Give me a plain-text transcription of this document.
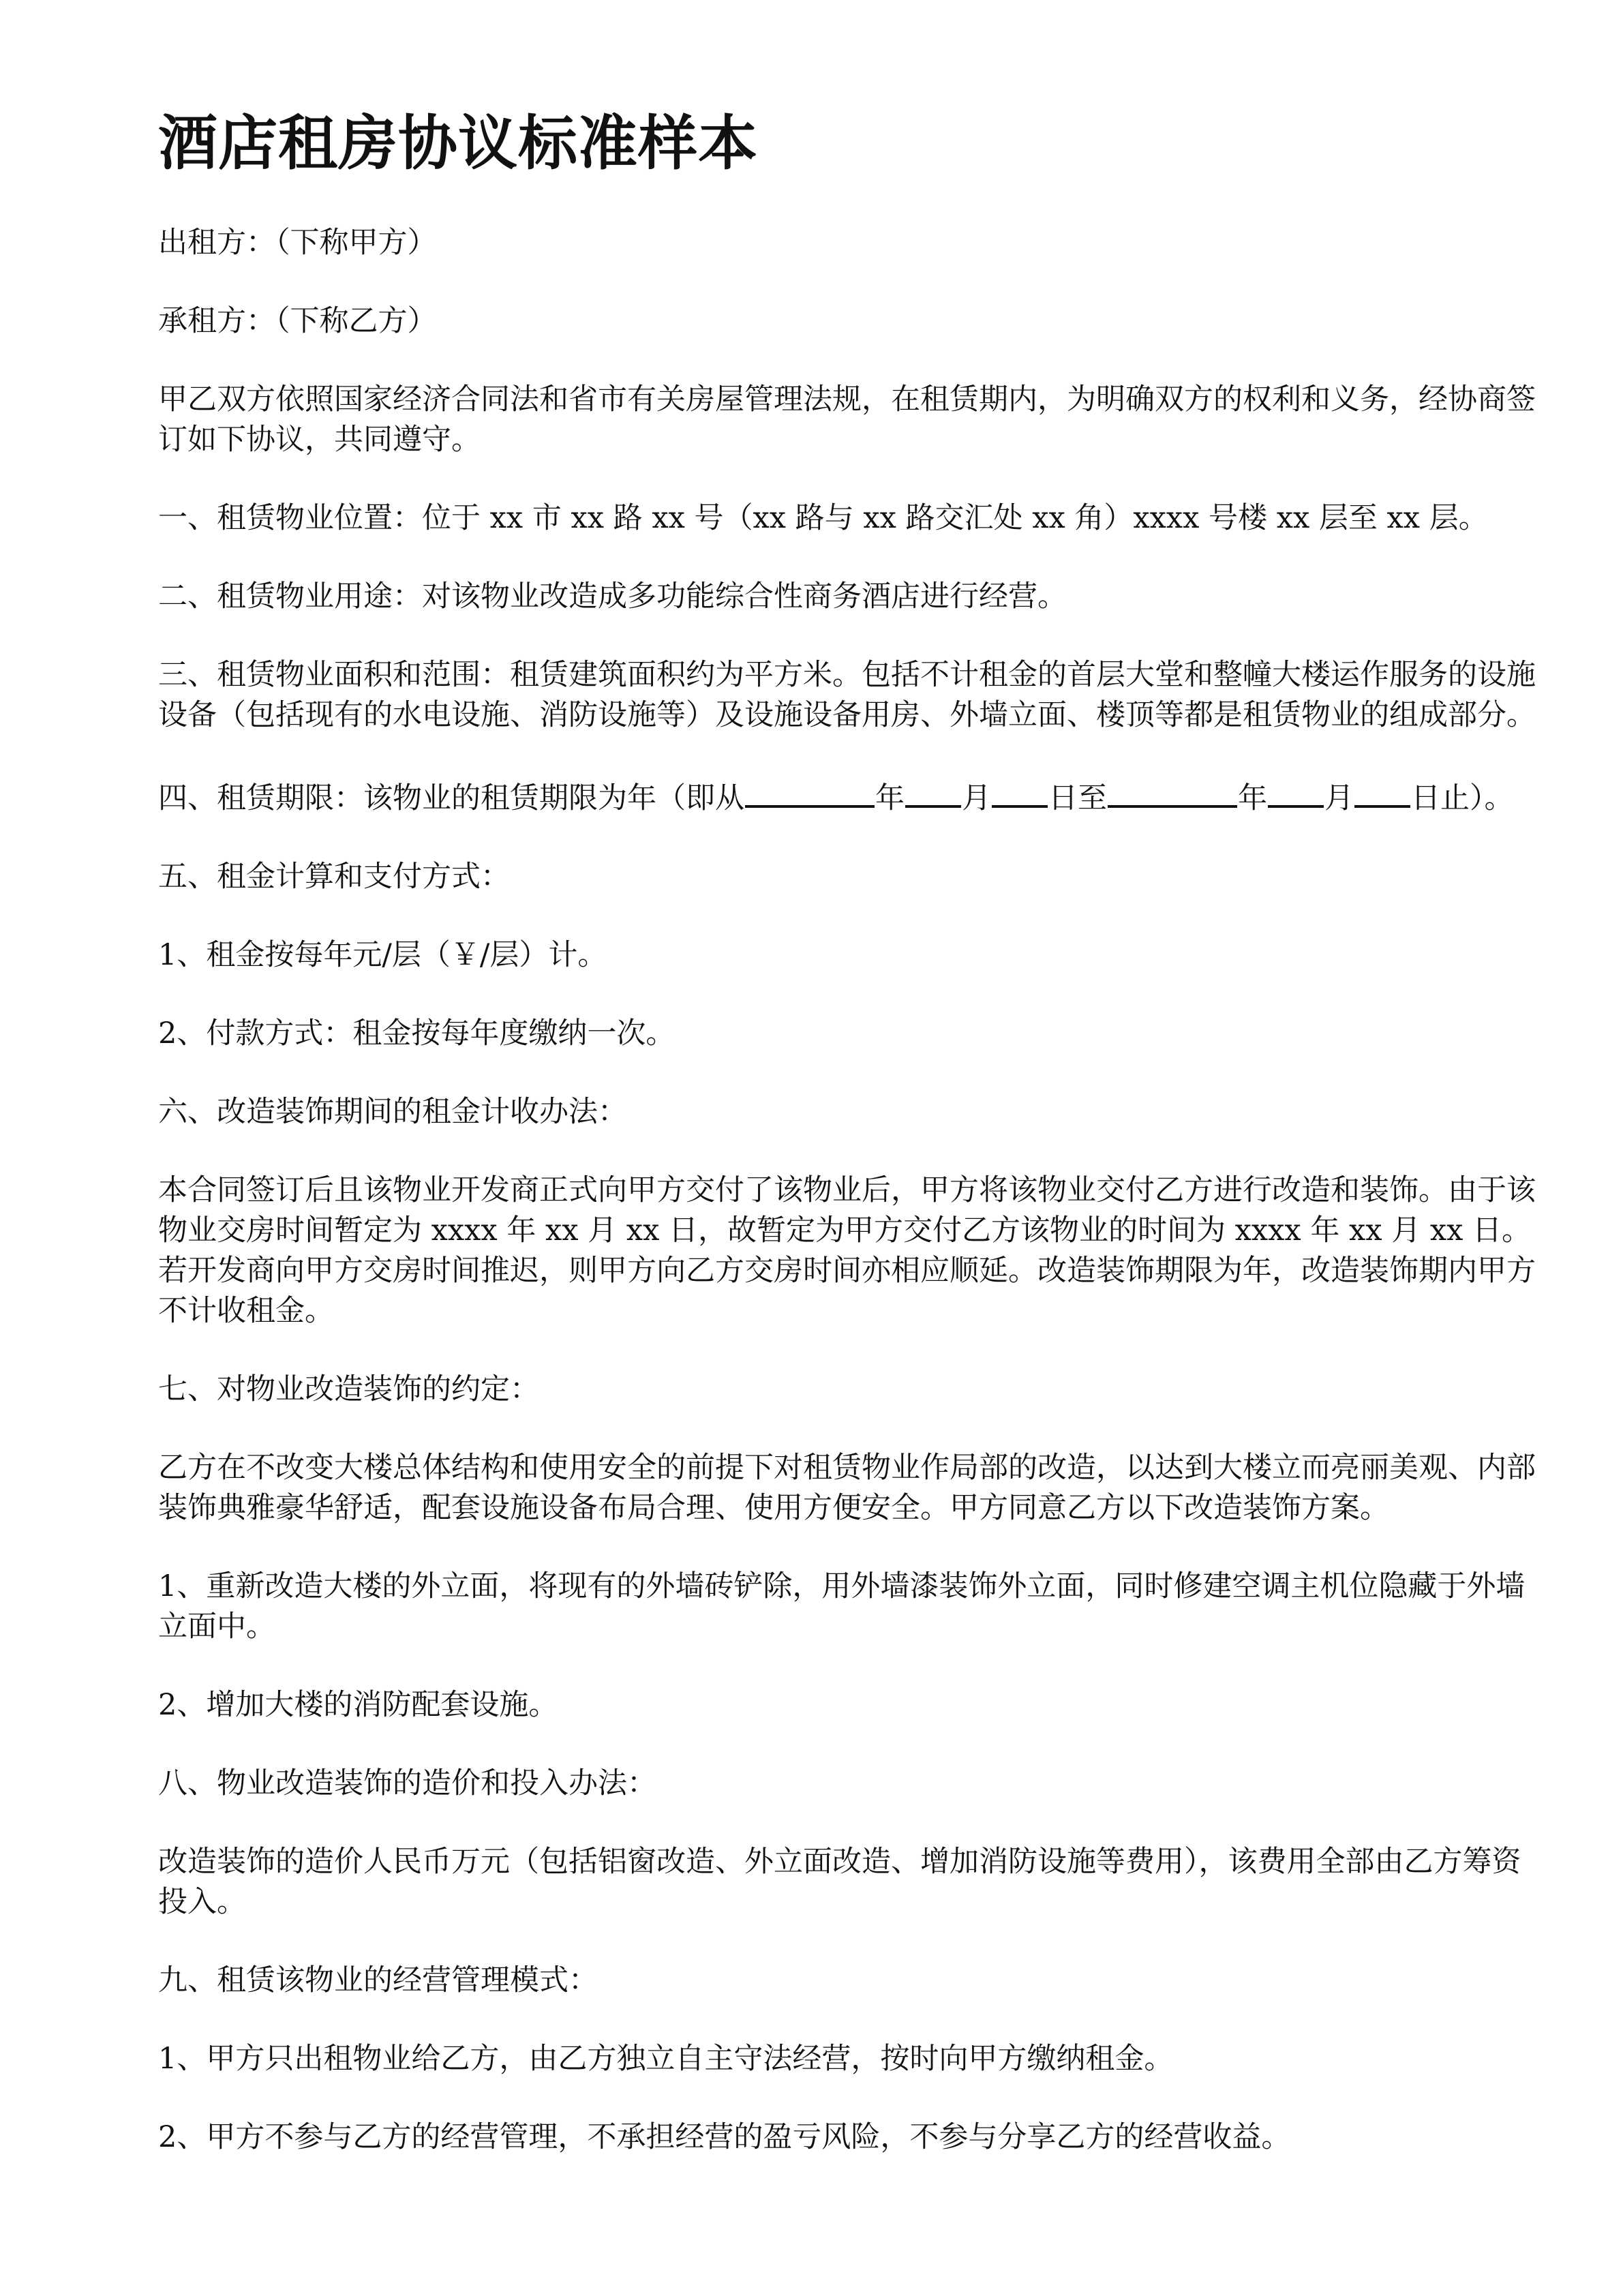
酒店租房协议标准样本

出租方：（下称甲方）

承租方：（下称乙方）

甲乙双方依照国家经济合同法和省市有关房屋管理法规，在租赁期内，为明确双方的权利和义务，经协商签订如下协议，共同遵守。

一、租赁物业位置：位于 xx 市 xx 路 xx 号（xx 路与 xx 路交汇处 xx 角）xxxx 号楼 xx 层至 xx 层。

二、租赁物业用途：对该物业改造成多功能综合性商务酒店进行经营。

三、租赁物业面积和范围：租赁建筑面积约为平方米。包括不计租金的首层大堂和整幢大楼运作服务的设施设备（包括现有的水电设施、消防设施等）及设施设备用房、外墙立面、楼顶等都是租赁物业的组成部分。

四、租赁期限：该物业的租赁期限为年（即从	年 月 日至	年 月 日止）。

五、租金计算和支付方式：

1、租金按每年元/层（￥/层）计。

2、付款方式：租金按每年度缴纳一次。

六、改造装饰期间的租金计收办法：

本合同签订后且该物业开发商正式向甲方交付了该物业后，甲方将该物业交付乙方进行改造和装饰。由于该物业交房时间暂定为 xxxx 年 xx 月 xx 日，故暂定为甲方交付乙方该物业的时间为 xxxx 年 xx 月 xx 日。若开发商向甲方交房时间推迟，则甲方向乙方交房时间亦相应顺延。改造装饰期限为年，改造装饰期内甲方不计收租金。

七、对物业改造装饰的约定：

乙方在不改变大楼总体结构和使用安全的前提下对租赁物业作局部的改造，以达到大楼立而亮丽美观、内部装饰典雅豪华舒适，配套设施设备布局合理、使用方便安全。甲方同意乙方以下改造装饰方案。

1、重新改造大楼的外立面，将现有的外墙砖铲除，用外墙漆装饰外立面，同时修建空调主机位隐藏于外墙立面中。

2、增加大楼的消防配套设施。

八、物业改造装饰的造价和投入办法：

改造装饰的造价人民币万元（包括铝窗改造、外立面改造、增加消防设施等费用），该费用全部由乙方筹资投入。

九、租赁该物业的经营管理模式：

1、甲方只出租物业给乙方，由乙方独立自主守法经营，按时向甲方缴纳租金。

2、甲方不参与乙方的经营管理，不承担经营的盈亏风险，不参与分享乙方的经营收益。
